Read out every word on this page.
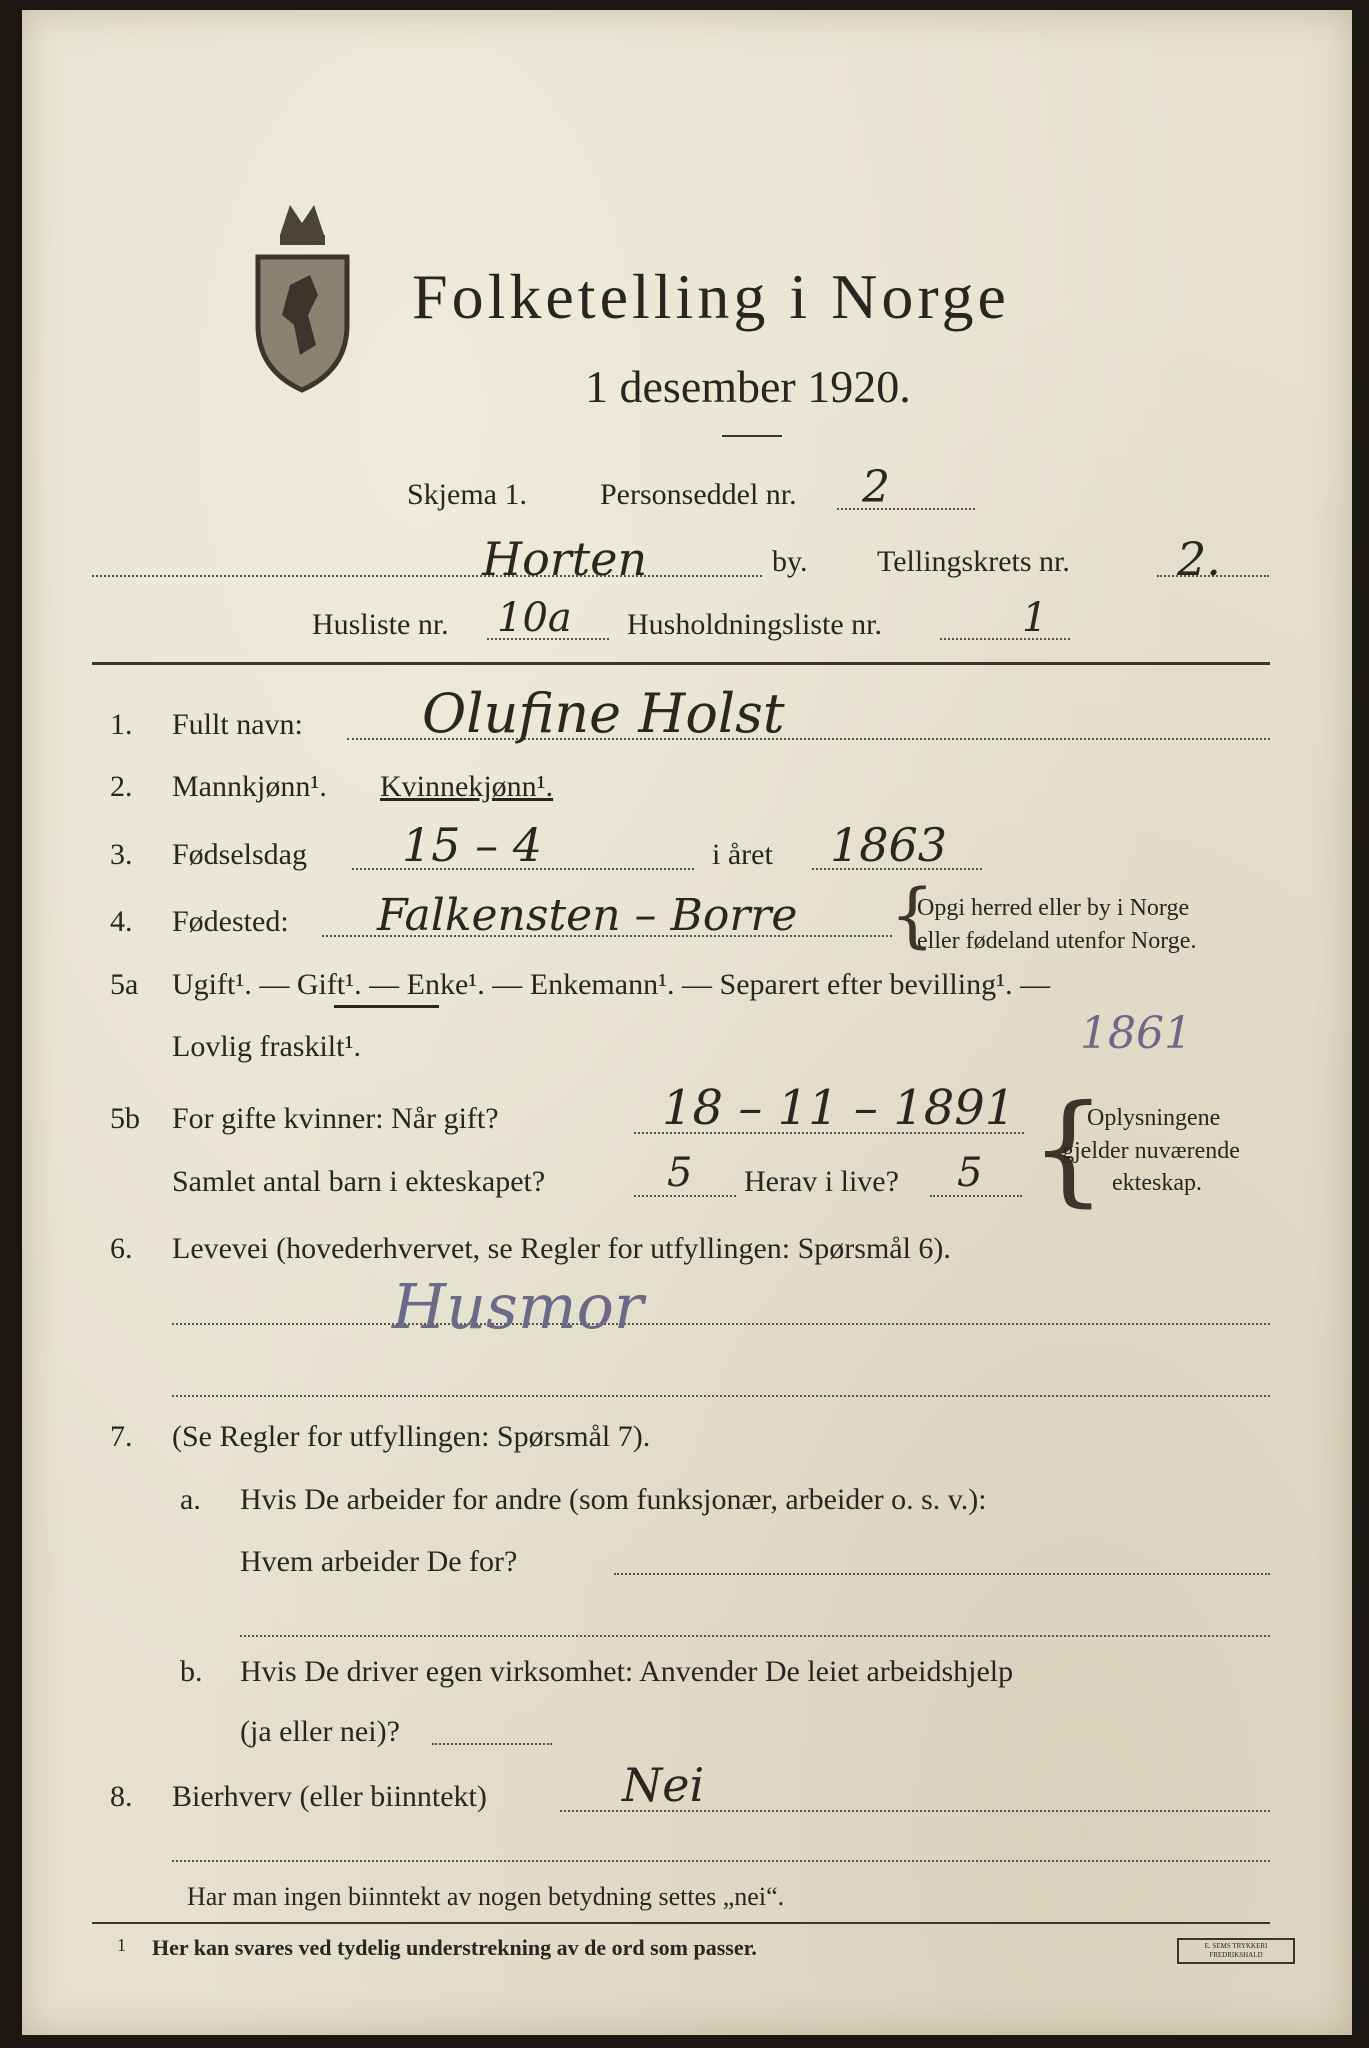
Folketelling i Norge
1 desember 1920.
Skjema 1. Personseddel nr. 2
Horten	by. Tellingskrets nr. 2.
Husliste nr. 10a Husholdningsliste nr.	1
1. Fullt navn: Olufine Holst
2. Mannkjønn¹. Kvinnekjønn¹.
3. Fødselsdag 15 – 4	i året 1863
4. Fødested: Falkensten – Borre {
Opgi herred eller by i Norge
eller fødeland utenfor Norge.
5a Ugift¹. — Gift¹. — Enke¹. — Enkemann¹. — Separert efter bevilling¹. —
Lovlig fraskilt¹.	1861
5b For gifte kvinner: Når gift?	18 – 11 – 1891
Samlet antal barn i ekteskapet?	5 Herav i live? 5 {
Oplysningene
gjelder nuværende
ekteskap.
6. Levevei (hovederhvervet, se Regler for utfyllingen: Spørsmål 6).
Husmor
7. (Se Regler for utfyllingen: Spørsmål 7).
a. Hvis De arbeider for andre (som funksjonær, arbeider o. s. v.):
Hvem arbeider De for?
b. Hvis De driver egen virksomhet: Anvender De leiet arbeidshjelp
(ja eller nei)?
8. Bierhverv (eller biinntekt)	Nei
Har man ingen biinntekt av nogen betydning settes „nei“.
1 Her kan svares ved tydelig understrekning av de ord som passer.	E. SEMS TRYKKERI FREDRIKSHALD
